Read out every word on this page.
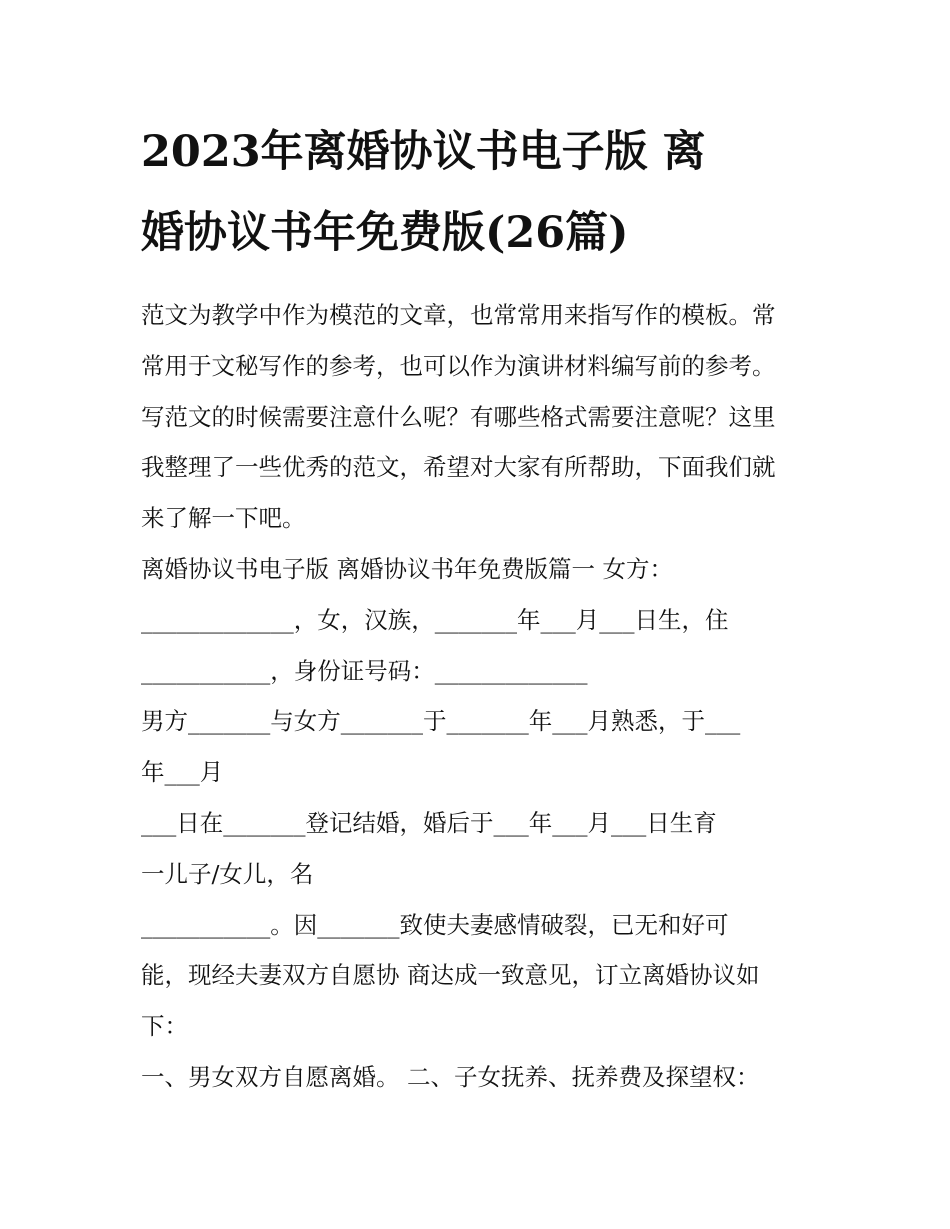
2023年离婚协议书电子版 离
婚协议书年免费版(26篇)
范文为教学中作为模范的文章，也常常用来指写作的模板。常
常用于文秘写作的参考，也可以作为演讲材料编写前的参考。
写范文的时候需要注意什么呢？有哪些格式需要注意呢？这里
我整理了一些优秀的范文，希望对大家有所帮助，下面我们就
来了解一下吧。
离婚协议书电子版 离婚协议书年免费版篇一 女方：
_____________，女，汉族，_______年___月___日生，住
___________，身份证号码：_____________
男方_______与女方_______于_______年___月熟悉，于___
年___月
___日在_______登记结婚，婚后于___年___月___日生育
一儿子/女儿，名
___________。因_______致使夫妻感情破裂，已无和好可
能，现经夫妻双方自愿协 商达成一致意见，订立离婚协议如
下：
一、男女双方自愿离婚。 二、子女抚养、抚养费及探望权：
